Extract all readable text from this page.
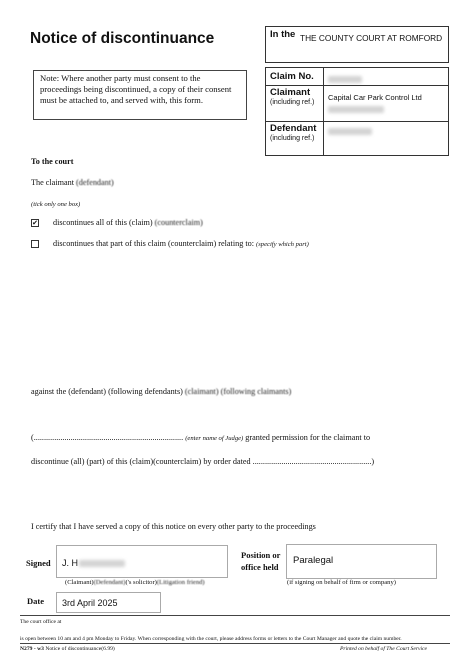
Notice of discontinuance
Note: Where another party must consent to the proceedings being discontinued, a copy of their consent must be attached to, and served with, this form.
In the THE COUNTY COURT AT ROMFORD
Claim No.
Claimant
(including ref.)
Capital Car Park Control Ltd
Defendant
(including ref.)
To the court
The claimant (defendant)
(tick only one box)
✔ discontinues all of this (claim) (counterclaim)
discontinues that part of this claim (counterclaim) relating to: (specify which part)
against the (defendant) (following defendants) (claimant) (following claimants)
(......................................................................... (enter name of Judge) granted permission for the claimant to
discontinue (all) (part) of this (claim)(counterclaim) by order dated ..........................................................)
I certify that I have served a copy of this notice on every other party to the proceedings
Signed J. H
Position or
office held
Paralegal
(Claimant)(Defendant)('s solicitor)(Litigation friend)	(if signing on behalf of firm or company)
Date 3rd April 2025
The court office at
is open between 10 am and 4 pm Monday to Friday. When corresponding with the court, please address forms or letters to the Court Manager and quote the claim number.
N279 - w3 Notice of discontinuance(6.99)	Printed on behalf of The Court Service
